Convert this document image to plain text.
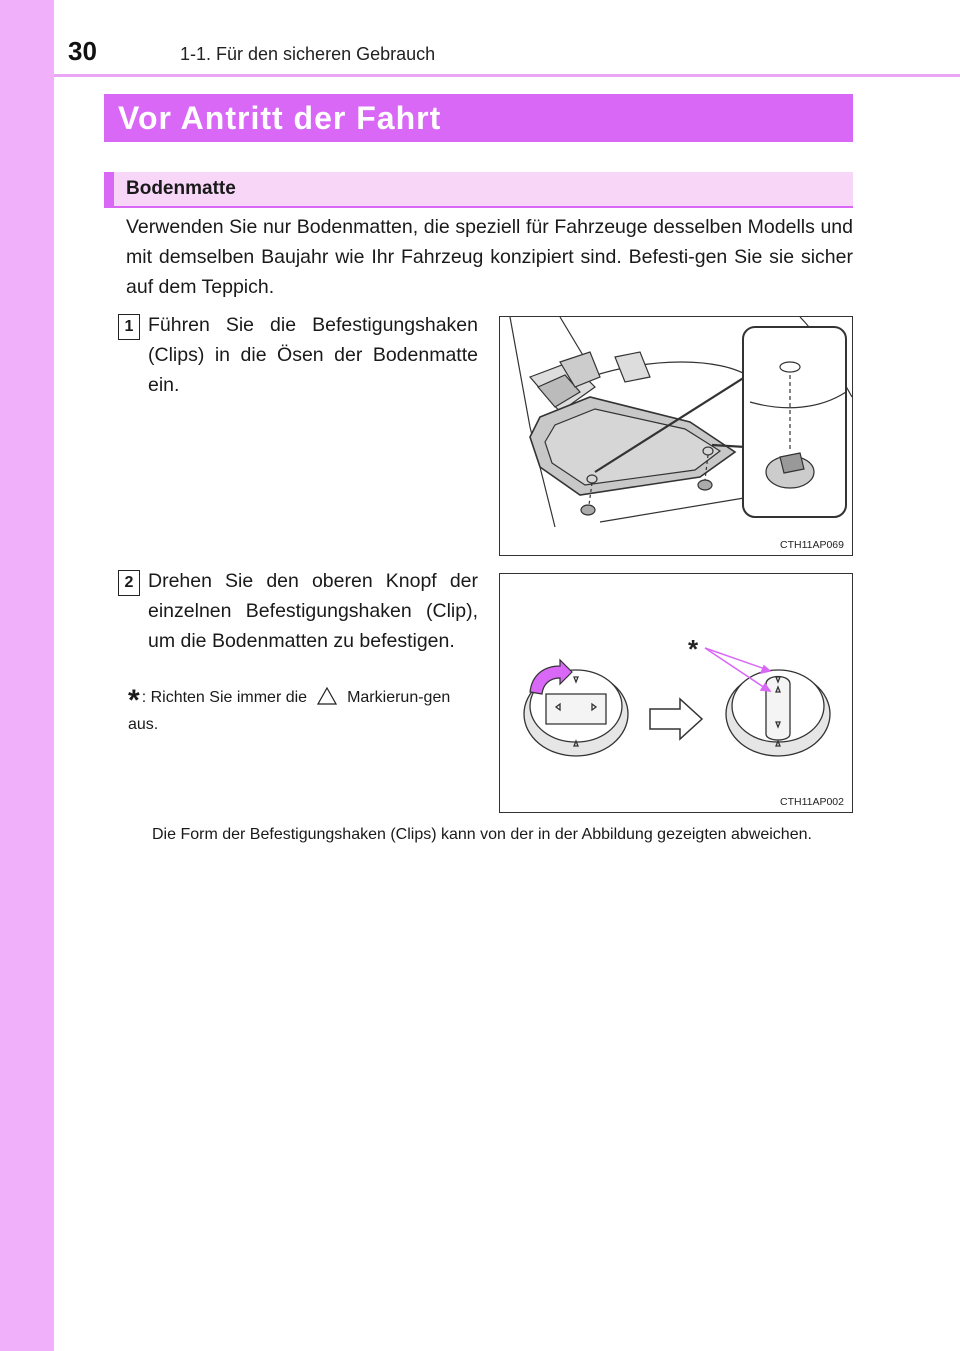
30	1-1. Für den sicheren Gebrauch
Vor Antritt der Fahrt
Bodenmatte
Verwenden Sie nur Bodenmatten, die speziell für Fahrzeuge desselben Modells und mit demselben Baujahr wie Ihr Fahrzeug konzipiert sind. Befesti-gen Sie sie sicher auf dem Teppich.
1 Führen Sie die Befestigungshaken (Clips) in die Ösen der Bodenmatte ein.
CTH11AP069
2 Drehen Sie den oberen Knopf der einzelnen Befestigungshaken (Clip), um die Bodenmatten zu befestigen.
* : Richten Sie immer die	Markierun-gen aus.
*
CTH11AP002
Die Form der Befestigungshaken (Clips) kann von der in der Abbildung gezeigten abweichen.
